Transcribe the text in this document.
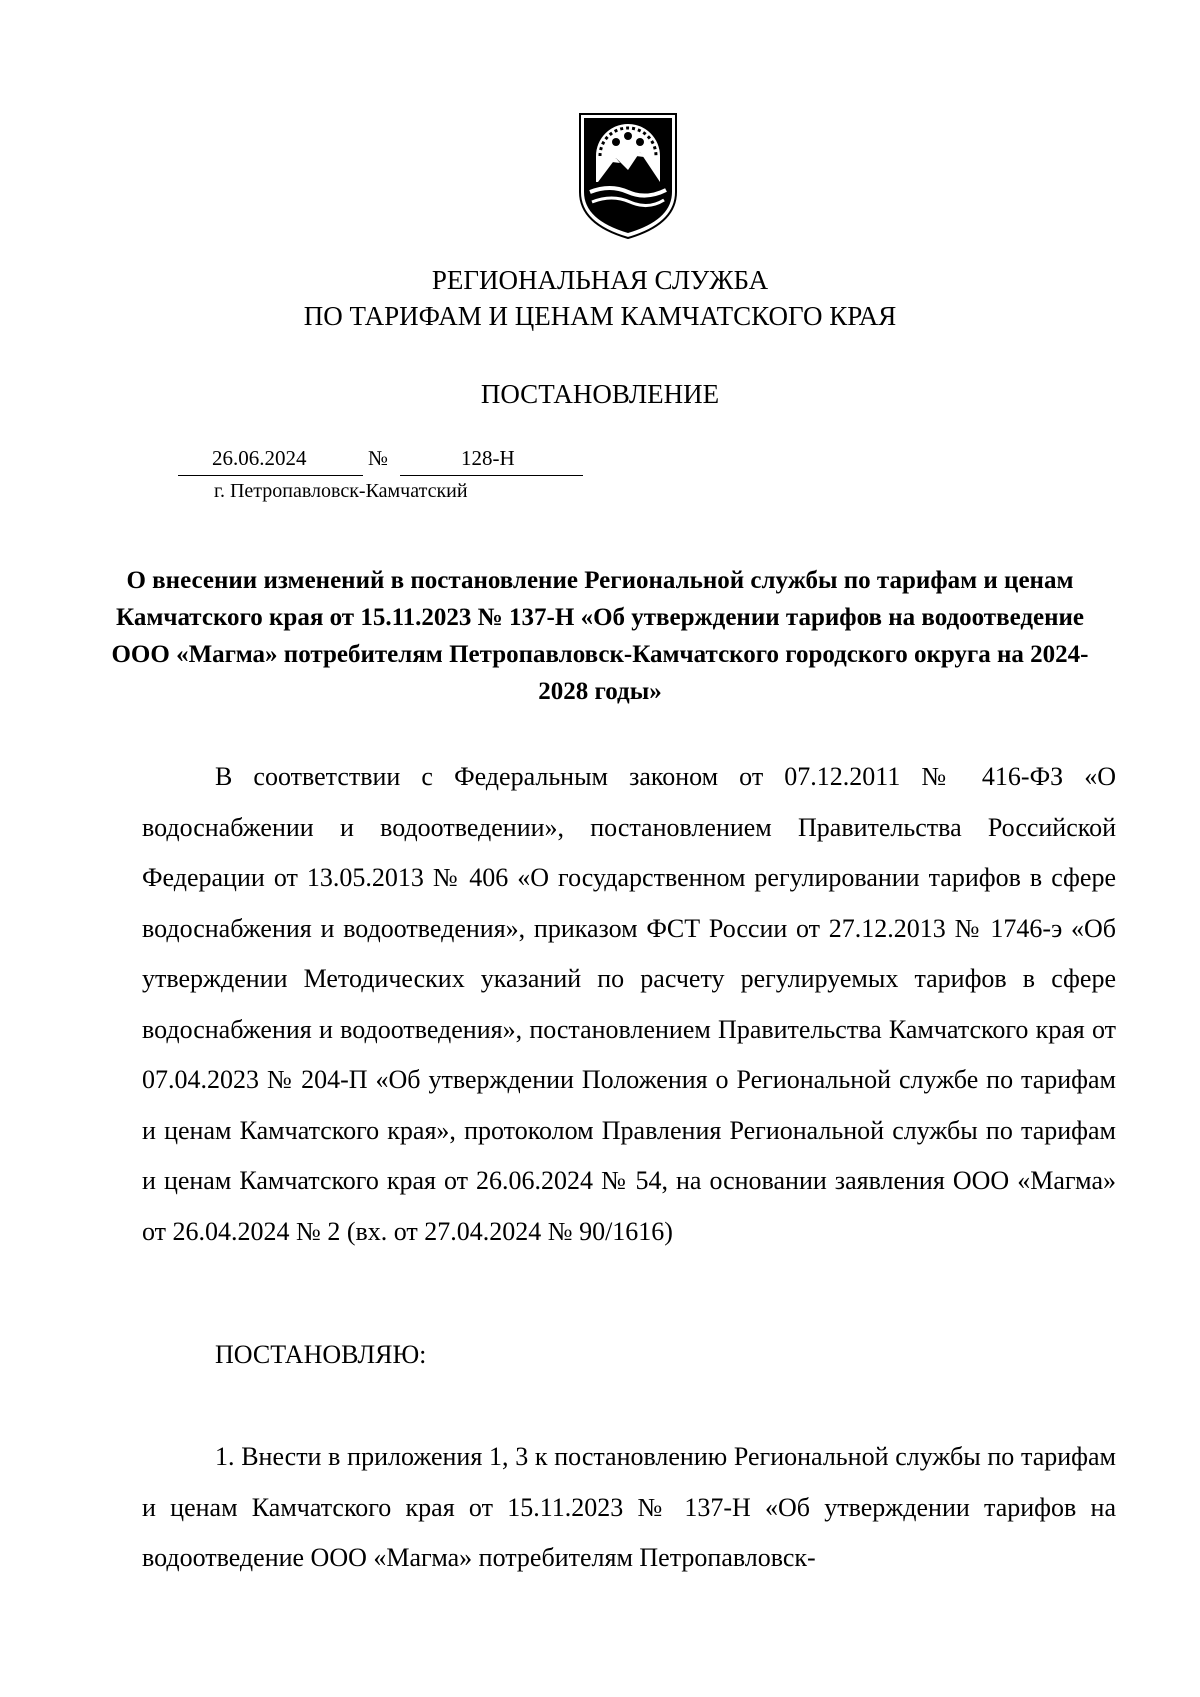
РЕГИОНАЛЬНАЯ СЛУЖБА
ПО ТАРИФАМ И ЦЕНАМ КАМЧАТСКОГО КРАЯ
ПОСТАНОВЛЕНИЕ
26.06.2024	№	128-Н
г. Петропавловск-Камчатский
О внесении изменений в постановление Региональной службы по тарифам и ценам Камчатского края от 15.11.2023 № 137-Н «Об утверждении тарифов на водоотведение ООО «Магма» потребителям Петропавловск-Камчатского городского округа на 2024-2028 годы»

В соответствии с Федеральным законом от 07.12.2011 № 416-ФЗ «О водоснабжении и водоотведении», постановлением Правительства Российской Федерации от 13.05.2013 № 406 «О государственном регулировании тарифов в сфере водоснабжения и водоотведения», приказом ФСТ России от 27.12.2013 № 1746-э «Об утверждении Методических указаний по расчету регулируемых тарифов в сфере водоснабжения и водоотведения», постановлением Правительства Камчатского края от 07.04.2023 № 204-П «Об утверждении Положения о Региональной службе по тарифам и ценам Камчатского края», протоколом Правления Региональной службы по тарифам и ценам Камчатского края от 26.06.2024 № 54, на основании заявления ООО «Магма» от 26.04.2024 № 2 (вх. от 27.04.2024 № 90/1616)

ПОСТАНОВЛЯЮ:

1. Внести в приложения 1, 3 к постановлению Региональной службы по тарифам и ценам Камчатского края от 15.11.2023 № 137-Н «Об утверждении тарифов на водоотведение ООО «Магма» потребителям Петропавловск-
